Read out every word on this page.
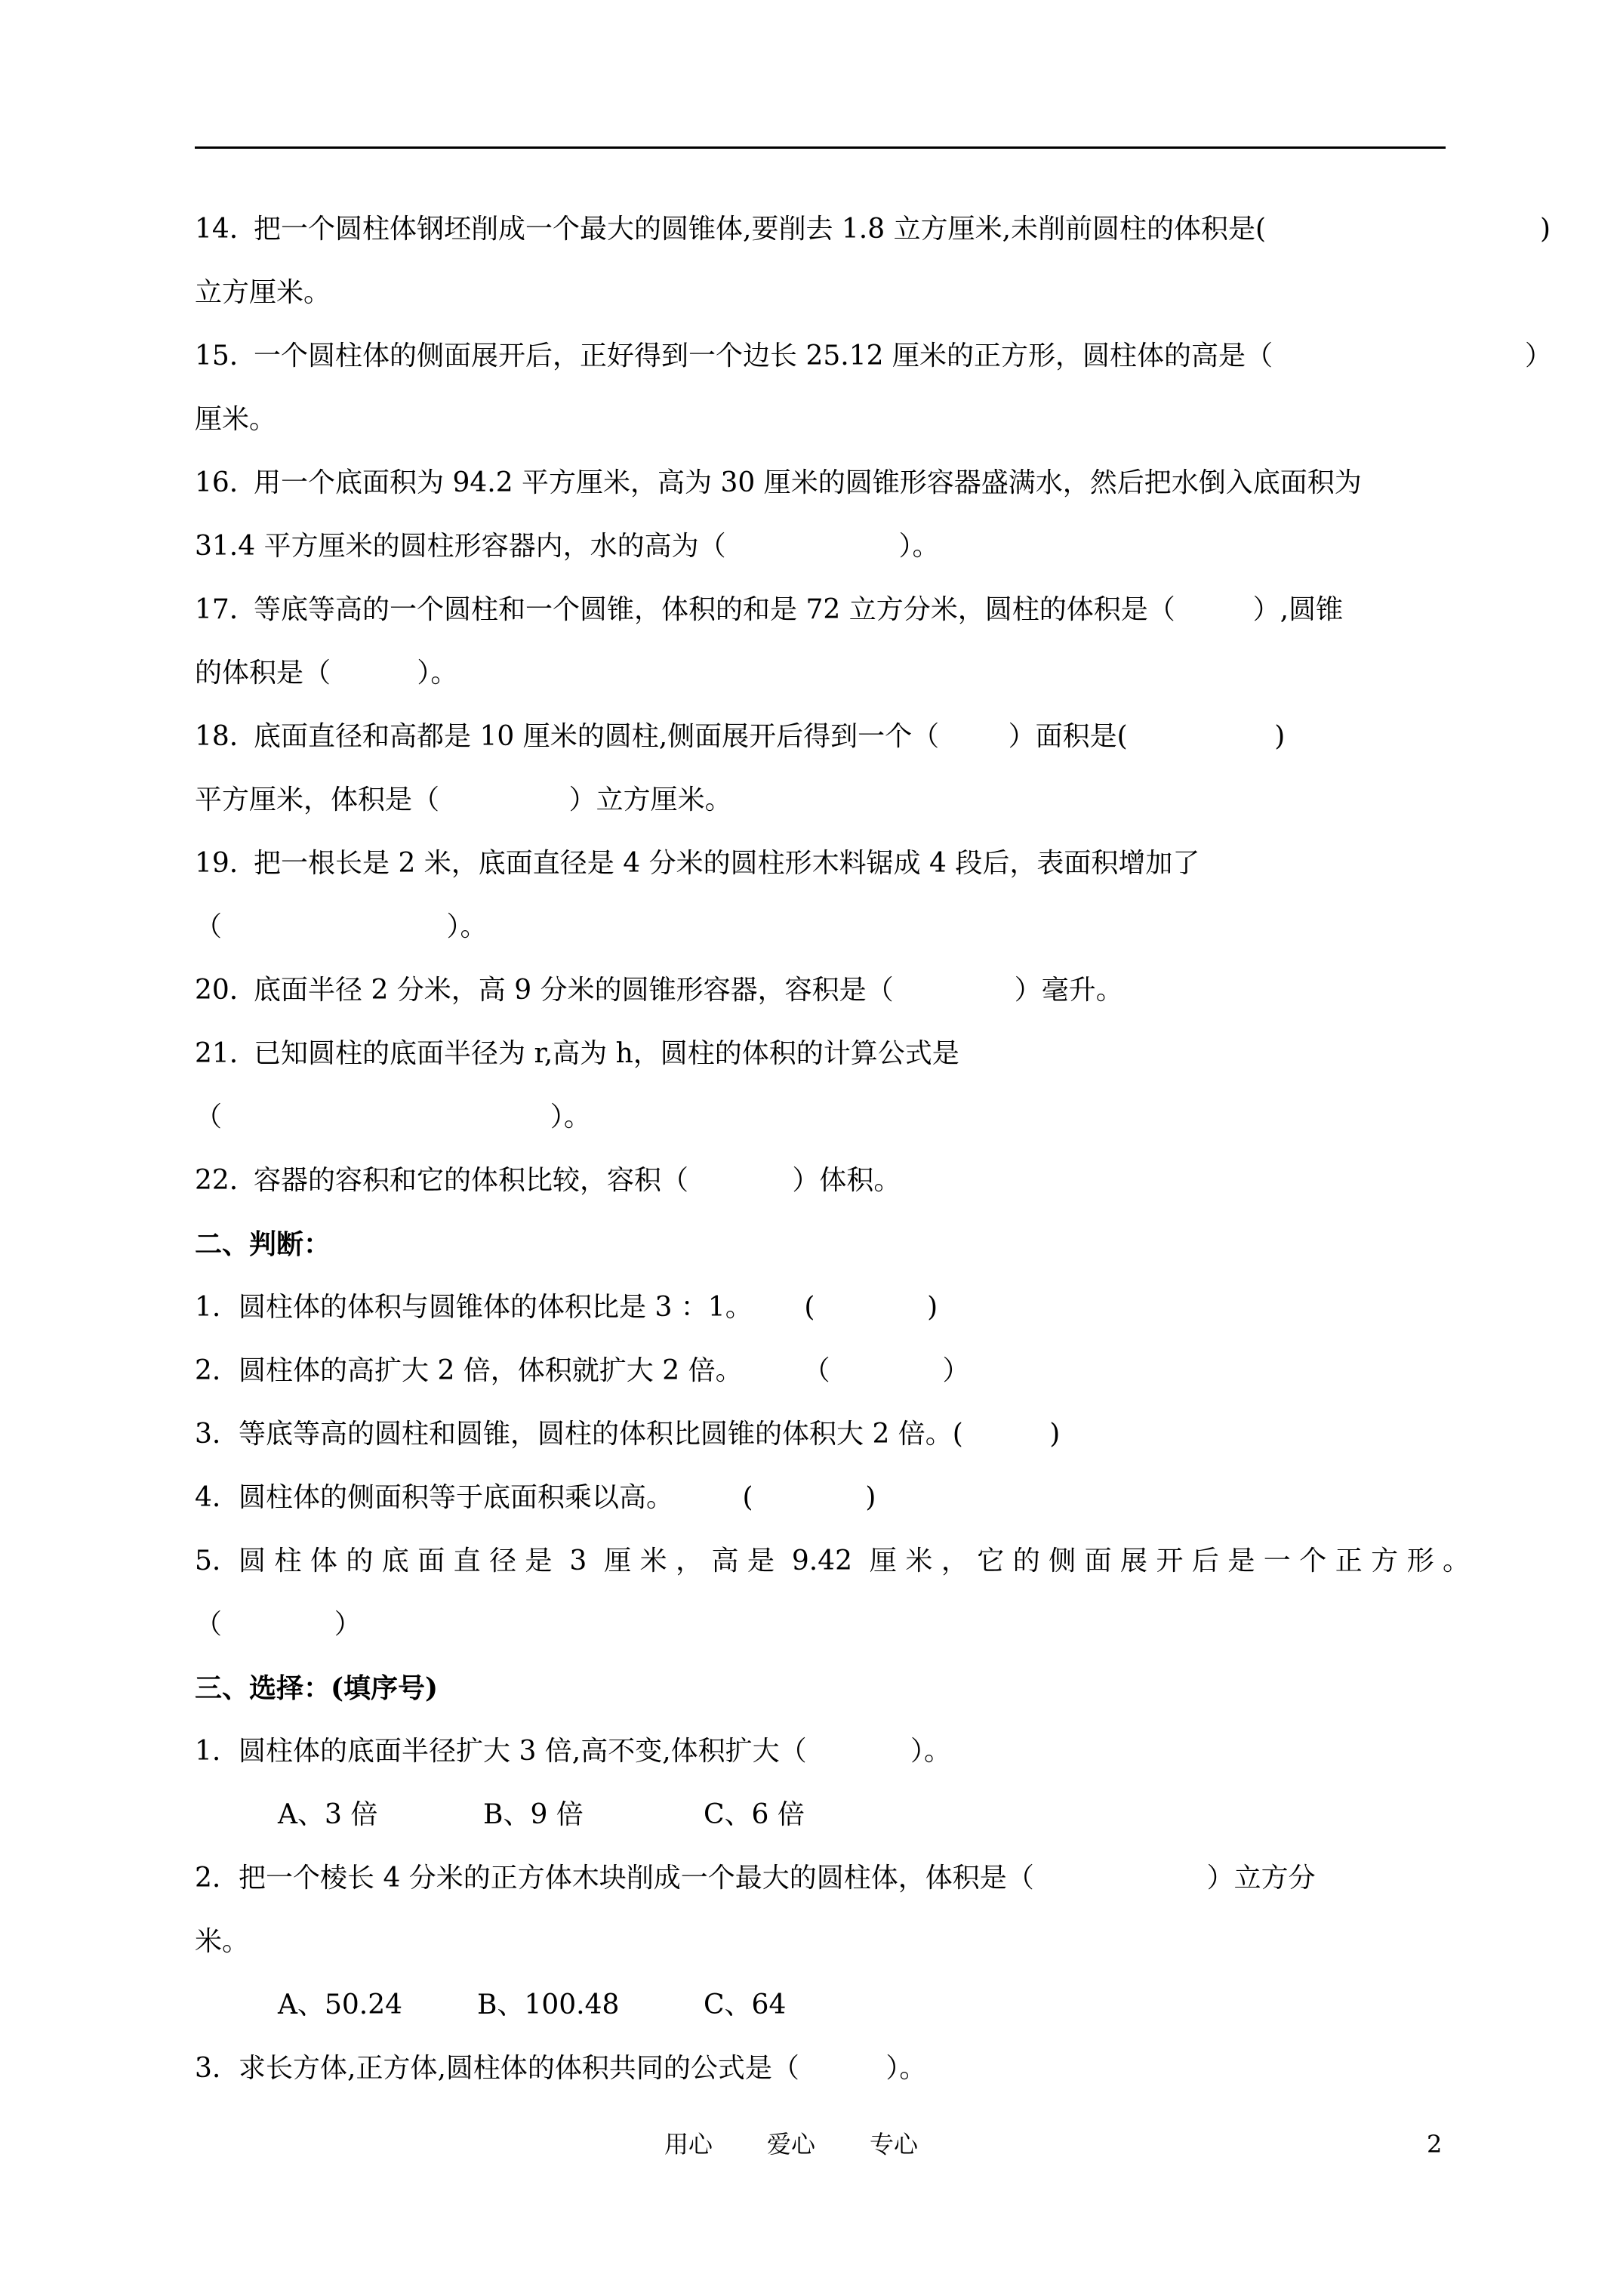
14. 把一个圆柱体钢坯削成一个最大的圆锥体,要削去 1.8 立方厘米,未削前圆柱的体积是(	)
立方厘米。
15. 一个圆柱体的侧面展开后，正好得到一个边长 25.12 厘米的正方形，圆柱体的高是（	）
厘米。
16. 用一个底面积为 94.2 平方厘米，高为 30 厘米的圆锥形容器盛满水，然后把水倒入底面积为
31.4 平方厘米的圆柱形容器内，水的高为（                    ）。
17. 等底等高的一个圆柱和一个圆锥，体积的和是 72 立方分米，圆柱的体积是（         ）,圆锥
的体积是（          ）。
18. 底面直径和高都是 10 厘米的圆柱,侧面展开后得到一个（        ）面积是(                 )
平方厘米，体积是（               ）立方厘米。
19. 把一根长是 2 米，底面直径是 4 分米的圆柱形木料锯成 4 段后，表面积增加了
（                          ）。
20. 底面半径 2 分米，高 9 分米的圆锥形容器，容积是（              ）毫升。
21. 已知圆柱的底面半径为 r,高为 h，圆柱的体积的计算公式是
（                                      ）。
22. 容器的容积和它的体积比较，容积（            ）体积。
二、判断：
1. 圆柱体的体积与圆锥体的体积比是 3 ：1。      (             )
2. 圆柱体的高扩大 2 倍，体积就扩大 2 倍。       （             ）
3. 等底等高的圆柱和圆锥，圆柱的体积比圆锥的体积大 2 倍。(          )
4. 圆柱体的侧面积等于底面积乘以高。        (             )
5. 圆 柱 体 的 底 面 直 径 是  3  厘 米 ， 高 是  9.42  厘 米 ， 它 的 侧 面 展 开 后 是 一 个 正 方 形 。
（             ）
三、选择：(填序号)
1. 圆柱体的底面半径扩大 3 倍,高不变,体积扩大（            ）。
A、3 倍	B、9 倍	C、6 倍
2. 把一个棱长 4 分米的正方体木块削成一个最大的圆柱体，体积是（                    ）立方分
米。
A、50.24	B、100.48	C、64
3. 求长方体,正方体,圆柱体的体积共同的公式是（          ）。
用心 爱心 专心	2
